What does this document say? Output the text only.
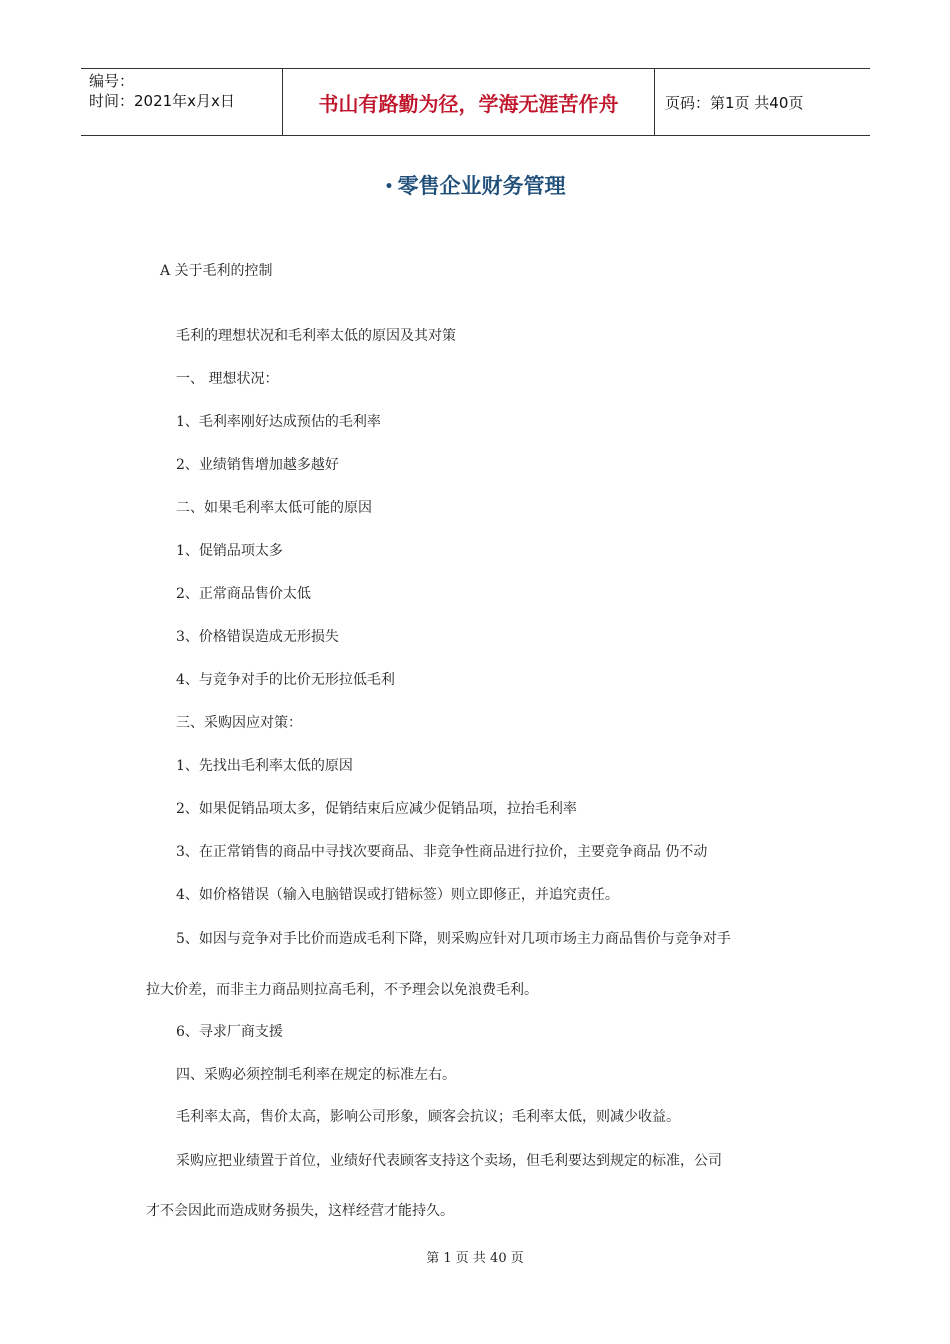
编号：
时间：2021年x月x日	书山有路勤为径，学海无涯苦作舟	页码：第1页 共40页
• 零售企业财务管理

A 关于毛利的控制

毛利的理想状况和毛利率太低的原因及其对策

一、 理想状况：

1、毛利率刚好达成预估的毛利率

2、业绩销售增加越多越好

二、如果毛利率太低可能的原因

1、促销品项太多

2、正常商品售价太低

3、价格错误造成无形损失

4、与竞争对手的比价无形拉低毛利

三、采购因应对策：

1、先找出毛利率太低的原因

2、如果促销品项太多，促销结束后应减少促销品项，拉抬毛利率

3、在正常销售的商品中寻找次要商品、非竞争性商品进行拉价，主要竞争商品 仍不动

4、如价格错误（输入电脑错误或打错标签）则立即修正，并追究责任。

5、如因与竞争对手比价而造成毛利下降，则采购应针对几项市场主力商品售价与竞争对手

拉大价差，而非主力商品则拉高毛利，不予理会以免浪费毛利。

6、寻求厂商支援

四、采购必须控制毛利率在规定的标准左右。

毛利率太高，售价太高，影响公司形象，顾客会抗议；毛利率太低，则减少收益。

采购应把业绩置于首位，业绩好代表顾客支持这个卖场，但毛利要达到规定的标准，公司

才不会因此而造成财务损失，这样经营才能持久。

第 1 页 共 40 页
